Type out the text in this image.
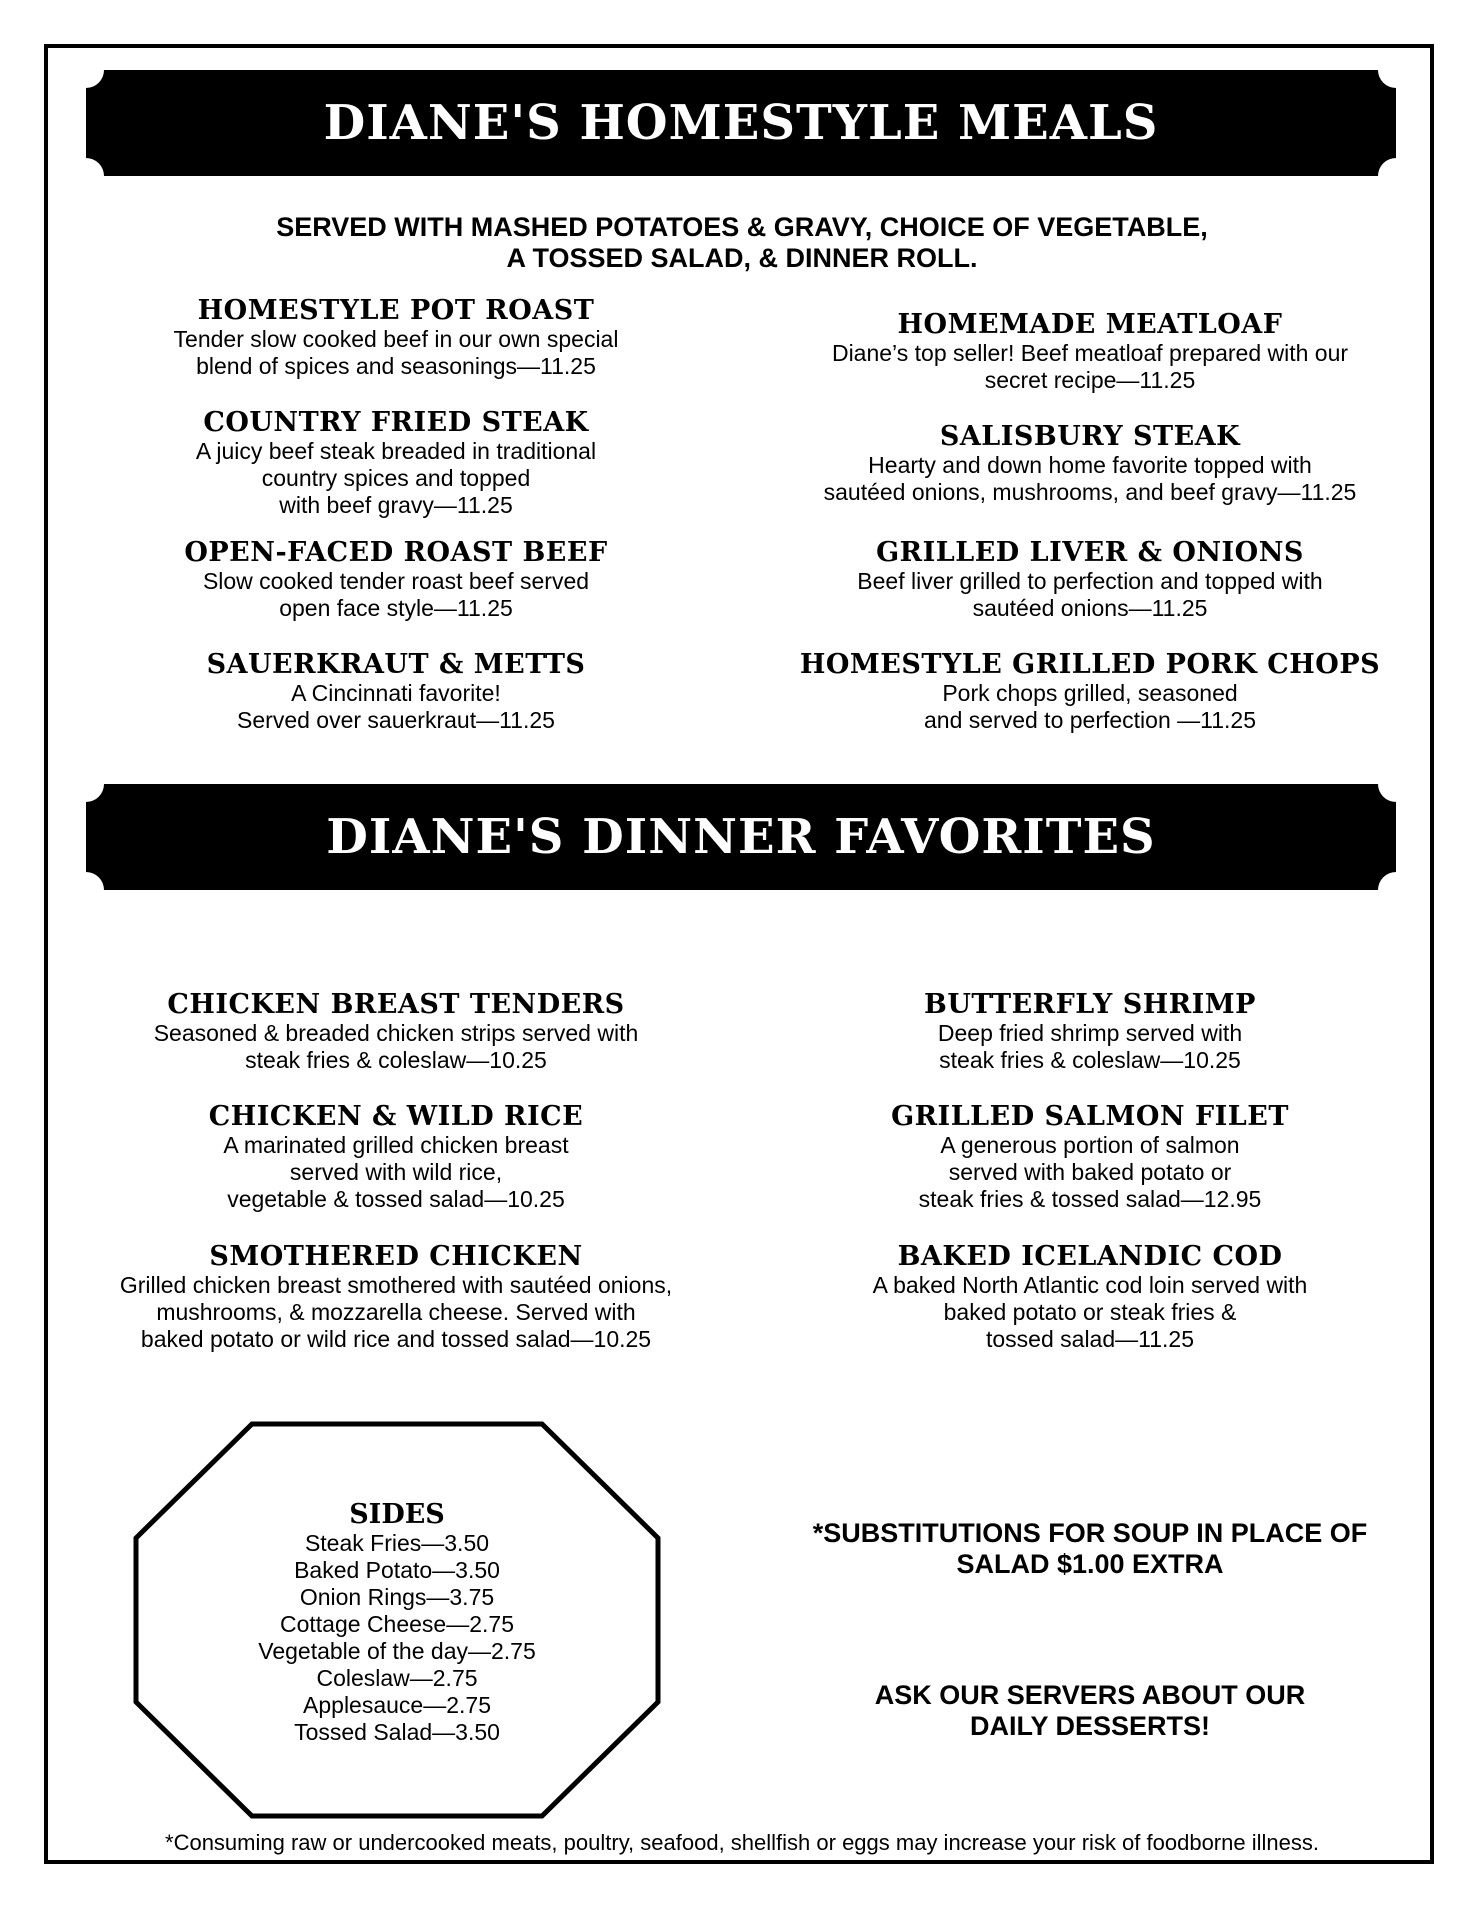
DIANE'S HOMESTYLE MEALS
SERVED WITH MASHED POTATOES & GRAVY, CHOICE OF VEGETABLE,
A TOSSED SALAD, & DINNER ROLL.
HOMESTYLE POT ROAST
Tender slow cooked beef in our own special
blend of spices and seasonings—11.25
HOMEMADE MEATLOAF
Diane’s top seller! Beef meatloaf prepared with our
secret recipe—11.25
COUNTRY FRIED STEAK
A juicy beef steak breaded in traditional
country spices and topped
with beef gravy—11.25
SALISBURY STEAK
Hearty and down home favorite topped with
sautéed onions, mushrooms, and beef gravy—11.25
OPEN-FACED ROAST BEEF
Slow cooked tender roast beef served
open face style—11.25
GRILLED LIVER & ONIONS
Beef liver grilled to perfection and topped with
sautéed onions—11.25
SAUERKRAUT & METTS
A Cincinnati favorite!
Served over sauerkraut—11.25
HOMESTYLE GRILLED PORK CHOPS
Pork chops grilled, seasoned
and served to perfection —11.25
DIANE'S DINNER FAVORITES
CHICKEN BREAST TENDERS
Seasoned & breaded chicken strips served with
steak fries & coleslaw—10.25
BUTTERFLY SHRIMP
Deep fried shrimp served with
steak fries & coleslaw—10.25
CHICKEN & WILD RICE
A marinated grilled chicken breast
served with wild rice,
vegetable & tossed salad—10.25
GRILLED SALMON FILET
A generous portion of salmon
served with baked potato or
steak fries & tossed salad—12.95
SMOTHERED CHICKEN
Grilled chicken breast smothered with sautéed onions,
mushrooms, & mozzarella cheese. Served with
baked potato or wild rice and tossed salad—10.25
BAKED ICELANDIC COD
A baked North Atlantic cod loin served with
baked potato or steak fries &
tossed salad—11.25
SIDES
Steak Fries—3.50
Baked Potato—3.50
Onion Rings—3.75
Cottage Cheese—2.75
Vegetable of the day—2.75
Coleslaw—2.75
Applesauce—2.75
Tossed Salad—3.50
*SUBSTITUTIONS FOR SOUP IN PLACE OF
SALAD $1.00 EXTRA
ASK OUR SERVERS ABOUT OUR
DAILY DESSERTS!
*Consuming raw or undercooked meats, poultry, seafood, shellfish or eggs may increase your risk of foodborne illness.
